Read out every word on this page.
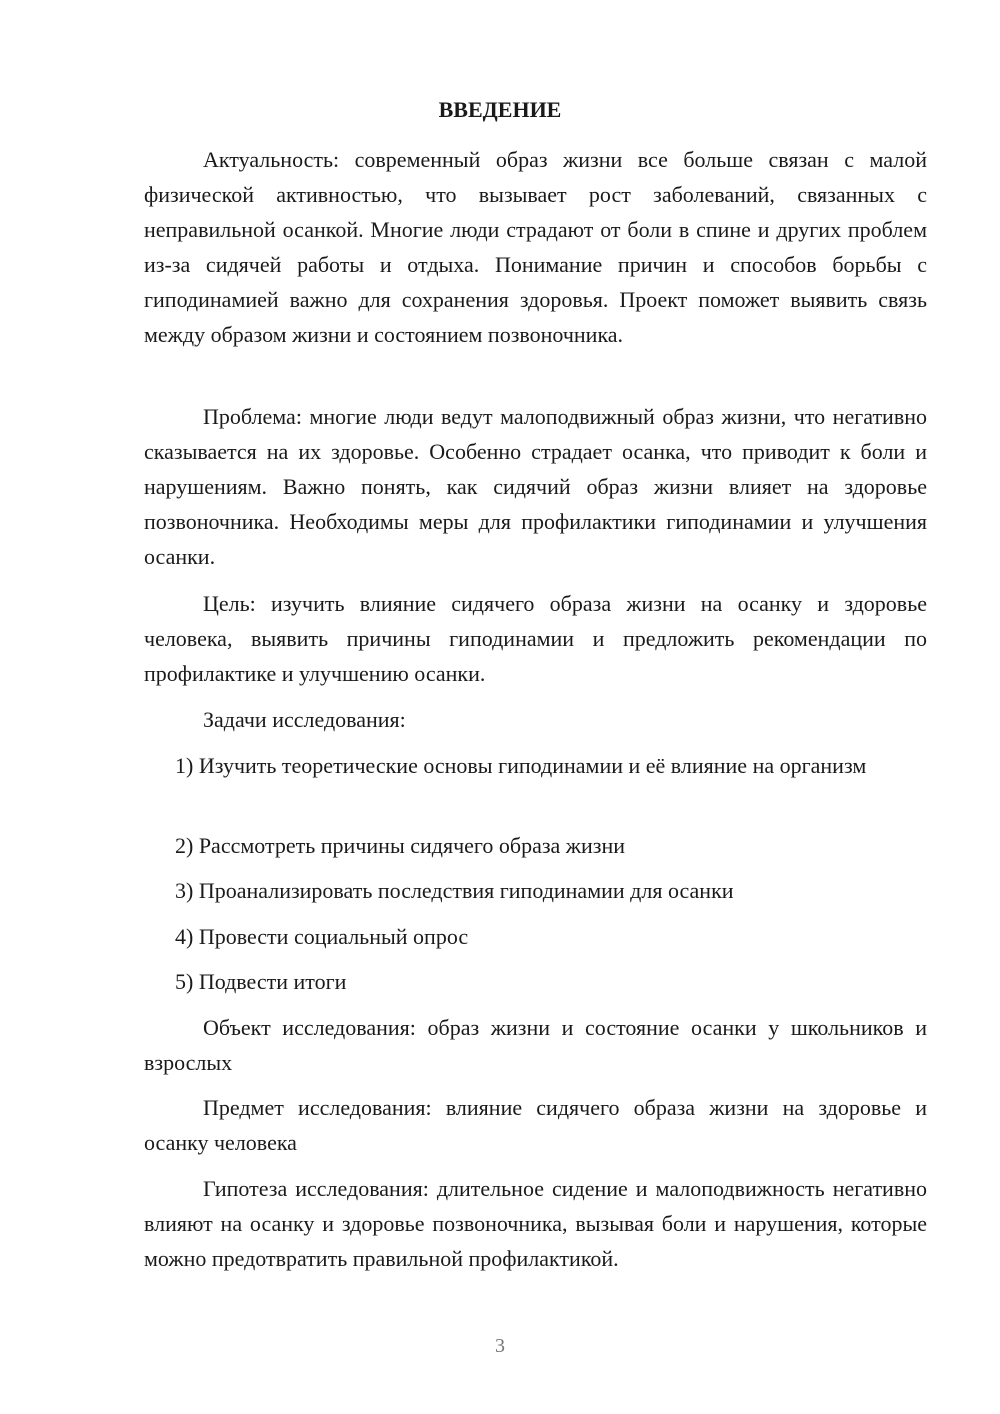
ВВЕДЕНИЕ

Актуальность: современный образ жизни все больше связан с малой физической активностью, что вызывает рост заболеваний, связанных с неправильной осанкой. Многие люди страдают от боли в спине и других проблем из-за сидячей работы и отдыха. Понимание причин и способов борьбы с гиподинамией важно для сохранения здоровья. Проект поможет выявить связь между образом жизни и состоянием позвоночника.

Проблема: многие люди ведут малоподвижный образ жизни, что негативно сказывается на их здоровье. Особенно страдает осанка, что приводит к боли и нарушениям. Важно понять, как сидячий образ жизни влияет на здоровье позвоночника. Необходимы меры для профилактики гиподинамии и улучшения осанки.

Цель: изучить влияние сидячего образа жизни на осанку и здоровье человека, выявить причины гиподинамии и предложить рекомендации по профилактике и улучшению осанки.

Задачи исследования:

1) Изучить теоретические основы гиподинамии и её влияние на организм

2) Рассмотреть причины сидячего образа жизни

3) Проанализировать последствия гиподинамии для осанки

4) Провести социальный опрос

5) Подвести итоги

Объект исследования: образ жизни и состояние осанки у школьников и взрослых

Предмет исследования: влияние сидячего образа жизни на здоровье и осанку человека

Гипотеза исследования: длительное сидение и малоподвижность негативно влияют на осанку и здоровье позвоночника, вызывая боли и нарушения, которые можно предотвратить правильной профилактикой.

3
